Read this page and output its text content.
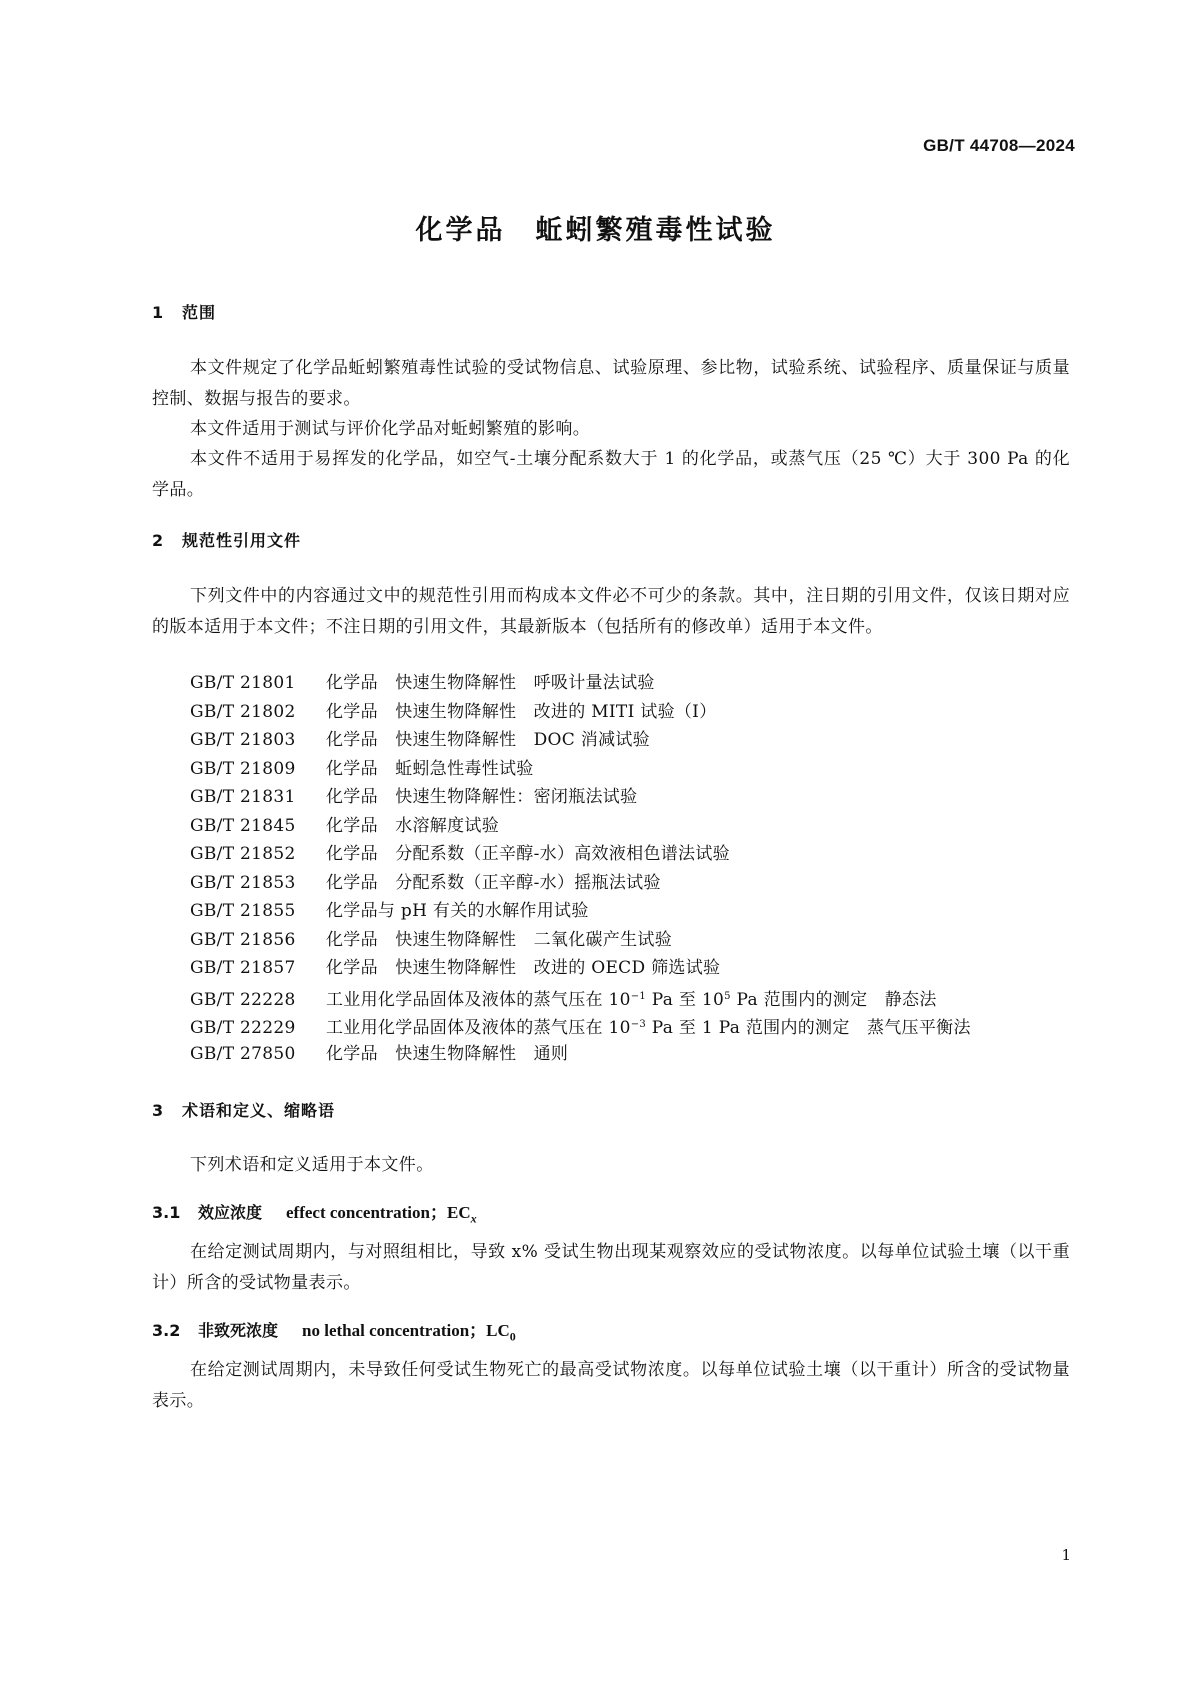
GB/T 44708—2024
化学品 蚯蚓繁殖毒性试验
1 范围
本文件规定了化学品蚯蚓繁殖毒性试验的受试物信息、试验原理、参比物，试验系统、试验程序、质量保证与质量控制、数据与报告的要求。
本文件适用于测试与评价化学品对蚯蚓繁殖的影响。
本文件不适用于易挥发的化学品，如空气-土壤分配系数大于 1 的化学品，或蒸气压（25 ℃）大于 300 Pa 的化学品。
2 规范性引用文件
下列文件中的内容通过文中的规范性引用而构成本文件必不可少的条款。其中，注日期的引用文件，仅该日期对应的版本适用于本文件；不注日期的引用文件，其最新版本（包括所有的修改单）适用于本文件。
GB/T 21801 化学品　快速生物降解性　呼吸计量法试验
GB/T 21802 化学品　快速生物降解性　改进的 MITI 试验（Ⅰ）
GB/T 21803 化学品　快速生物降解性　DOC 消减试验
GB/T 21809 化学品　蚯蚓急性毒性试验
GB/T 21831 化学品　快速生物降解性：密闭瓶法试验
GB/T 21845 化学品　水溶解度试验
GB/T 21852 化学品　分配系数（正辛醇-水）高效液相色谱法试验
GB/T 21853 化学品　分配系数（正辛醇-水）摇瓶法试验
GB/T 21855 化学品与 pH 有关的水解作用试验
GB/T 21856 化学品　快速生物降解性　二氧化碳产生试验
GB/T 21857 化学品　快速生物降解性　改进的 OECD 筛选试验
GB/T 22228 工业用化学品固体及液体的蒸气压在 $10^{-1}$ Pa 至 $10^5$ Pa 范围内的测定　静态法
GB/T 22229 工业用化学品固体及液体的蒸气压在 $10^{-3}$ Pa 至 1 Pa 范围内的测定　蒸气压平衡法
GB/T 27850 化学品　快速生物降解性　通则
3 术语和定义、缩略语
下列术语和定义适用于本文件。
3.1 效应浓度 effect concentration；$EC_x$
在给定测试周期内，与对照组相比，导致 x% 受试生物出现某观察效应的受试物浓度。以每单位试验土壤（以干重计）所含的受试物量表示。
3.2 非致死浓度 no lethal concentration；$LC_0$
在给定测试周期内，未导致任何受试生物死亡的最高受试物浓度。以每单位试验土壤（以干重计）所含的受试物量表示。
1
